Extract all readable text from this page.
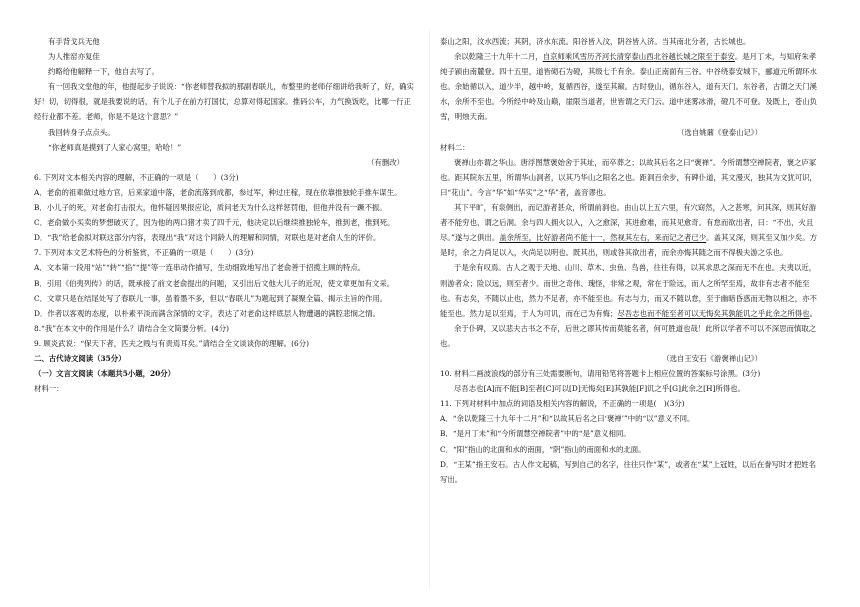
有手背戈兵无他

为人推窑亦复佳

约略给他解释一下，他自去写了。

有一回我文堂他的年，他提起步子说说：“你老师替我拟的那副春联儿，布整里的老师仔细讲给我听了，好，确实好！切，切得很，就是我要说的话，有个儿子在前方打国仗，总算对得起国家。推码公车，力气换饭吃，比哪一行正经行业都不差。老师，你是不是这个意思？”

我回转身子点点头。

“你老师真是摸到了人家心窝里，哈哈！”

（有删改）

6. 下列对文本相关内容的理解，不正确的一项是（　　）(3分)

A．老俞的祖辈做过地方官，后来家道中落，老俞流落到成都，参过军，种过庄稼，现在依靠推独轮手推车谋生。

B．小儿子的死，对老俞打击很大，他怀疑因果报应论，质问老天为什么这样惩罚他，但他并没有一蹶不振。

C．老俞做小买卖的梦想破灭了，因为他的两口猪才卖了四千元，他决定以后继续推独轮车，推到老，推到死。

D．“我”给老俞拟对联这部分内容，表现出“我”对这个同龄人的理解和同情，对联也是对老俞人生的评价。

7. 下列对本文艺术特色的分析鉴赏，不正确的一项是（　　）(3分)

A．文本第一段用“站”“转”“掐”“提”等一连串动作描写，生动细致地写出了老俞善于招揽主顾的特点。

B．引用《伯夷列传》的话，既承接了前文老俞提出的问题，又引出后文他大儿子的近况，使文章更加有文采。

C．文章只是在结尾处写了春联儿一事，虽着墨不多，但以“春联儿”为题起到了凝聚全篇、揭示主旨的作用。

D．作者以客观的态度，以朴素平淡而满含深情的文字，表达了对老俞这样底层人物遭遇的满腔悲悯之情。

8.“我”在本文中的作用是什么？请结合全文简要分析。(4分)

9. 顾炎武说：“保天下者，匹夫之贱与有责焉耳矣。”请结合全文谈谈你的理解。(6分)

二、古代诗文阅读（35分）

（一）文言文阅读（本题共5小题，20分）

材料一：

泰山之阳，汶水西流；其阴，济水东流。阳谷皆入汶，阴谷皆入济。当其南北分者，古长城也。

余以乾隆三十九年十二月，自京师乘风雪历齐河长清穿泰山西北谷越长城之限至于泰安。是月丁未，与知府朱孝纯子颍由南麓登。四十五里，道皆砌石为磴，其级七千有余。泰山正南面有三谷。中谷绕泰安城下，郦道元所谓环水也。余始循以入，道少半，越中岭，复循西谷，遂至其巅。古时登山，循东谷入，道有天门。东谷者，古谓之天门溪水，余所不至也。今所经中岭及山巅，崖限当道者，世皆谓之天门云。道中迷雾冰滑，磴几不可登。及既上，苍山负雪，明烛天南。

（选自姚鼐《登泰山记》）

材料二：

褒禅山亦谓之华山。唐浮图慧褒始舍于其址，而卒葬之；以故其后名之曰“褒禅”。今所谓慧空禅院者，褒之庐冢也。距其院东五里，所谓华山洞者，以其乃华山之阳名之也。距洞百余步，有碑仆道，其文漫灭，独其为文犹可识，曰“花山”。今言“华”如“华实”之“华”者，盖音谬也。

其下平旷，有泉侧出，而记游者甚众，所谓前洞也。由山以上五六里，有穴窈然，入之甚寒，问其深，则其好游者不能穷也，谓之后洞。余与四人拥火以入，入之愈深，其进愈难，而其见愈奇。有怠而欲出者，曰：“不出，火且尽。”遂与之俱出。盖余所至，比好游者尚不能十一，然视其左右，来而记之者已少。盖其又深，则其至又加少矣。方是时，余之力尚足以入，火尚足以明也。既其出，则或咎其欲出者，而余亦悔其随之而不得极夫游之乐也。

于是余有叹焉。古人之观于天地、山川、草木、虫鱼、鸟兽，往往有得，以其求思之深而无不在也。夫夷以近，则游者众；险以远，则至者少。而世之奇伟、瑰怪，非常之观，常在于险远，而人之所罕至焉，故非有志者不能至也。有志矣，不随以止也，然力不足者，亦不能至也。有志与力，而又不随以怠，至于幽暗昏惑而无物以相之，亦不能至也。然力足以至焉，于人为可讥，而在己为有悔；尽吾志也而不能至者可以无悔矣其孰能讥之乎此余之所得也。

余于仆碑，又以悲夫古书之不存，后世之谬其传而莫能名者，何可胜道也哉！此所以学者不可以不深思而慎取之也。

（选自王安石《游褒禅山记》）

10. 材料二画波浪线的部分有三处需要断句，请用铅笔将答题卡上相应位置的答案标号涂黑。(3分)

尽吾志也[A]而不能[B]至者[C]可以[D]无悔矣[E]其孰能[F]讥之乎[G]此余之[H]所得也。

11. 下列对材料中加点的词语及相关内容的解说，不正确的一项是(　)(3分)

A．“余以乾隆三十九年十二月”和“以故其后名之曰‘褒禅’”中的“以”意义不同。

B．“是月丁未”和“今所谓慧空禅院者”中的“是”意义相同。

C．“阳”指山的北面和水的南面，“阴”指山的南面和水的北面。

D．“王某”指王安石。古人作文起稿，写到自己的名字，往往只作“某”，或者在“某”上冠姓，以后在誊写时才把姓名写出。
